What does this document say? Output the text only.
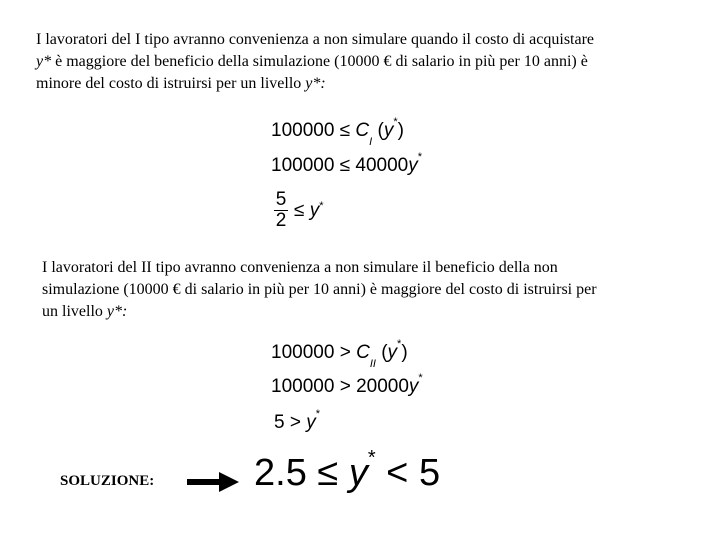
I lavoratori del I tipo avranno convenienza a non simulare quando il costo di acquistare
y* è maggiore del beneficio della simulazione (10000 € di salario in più per 10 anni) è
minore del costo di istruirsi per un livello y*:

$100000 \le C_I$ (y*)
100000 ≤ 40000y*
$\frac{5}{2}$ ≤
y*

I lavoratori del II tipo avranno convenienza a non simulare il beneficio della non
simulazione (10000 € di salario in più per 10 anni) è maggiore del costo di istruirsi per
un livello y*:

$100000 > C_{II}$ (y*)
100000 > 20000y*
5 > y*
SOLUZIONE:	2.5 ≤ y* < 5
